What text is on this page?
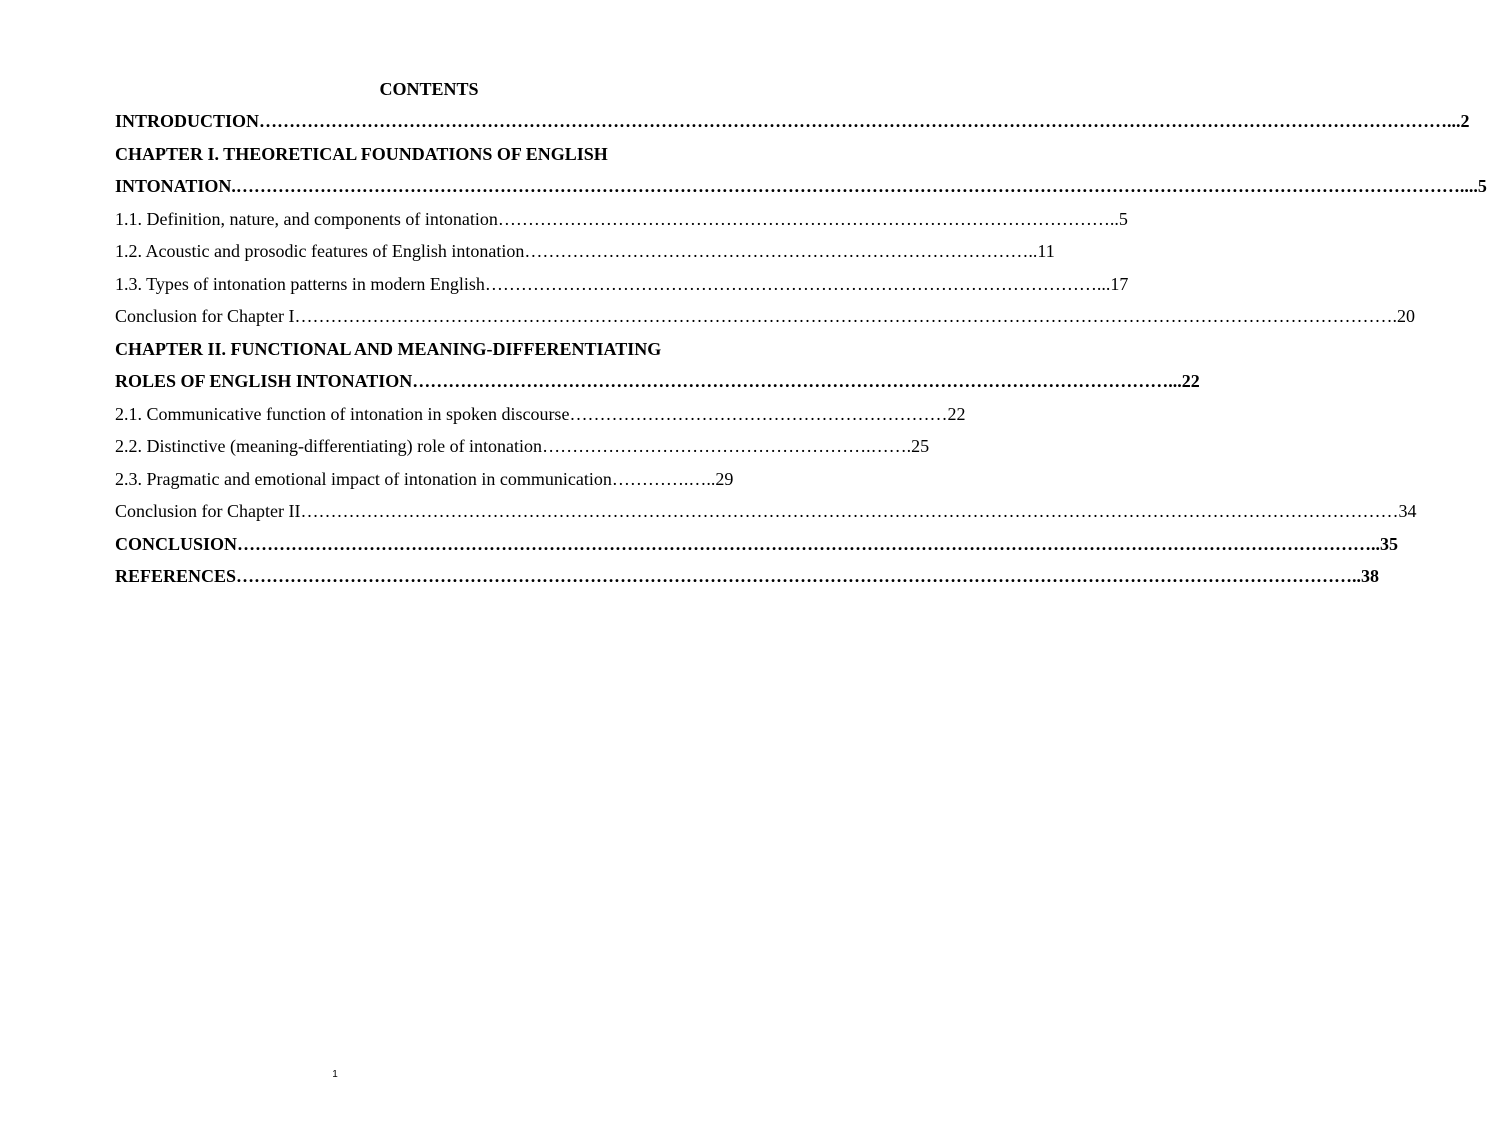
CONTENTS
INTRODUCTION………………………………………………………………………………………………………………………………………………………………………………...2
CHAPTER I. THEORETICAL FOUNDATIONS OF ENGLISH
INTONATION.……………………………………………………………………………………………………………………………………………………………………………………....5
1.1. Definition, nature, and components of intonation…………………………………………………………………………………………..5
1.2. Acoustic and prosodic features of English intonation…………………………………………………………………………..11
1.3. Types of intonation patterns in modern English…………………………………………………………………………………………...17
Conclusion for Chapter I………………………………………………………………………………………………………………………………………………………………….20
CHAPTER II. FUNCTIONAL AND MEANING-DIFFERENTIATING
ROLES OF ENGLISH INTONATION………………………………………………………………………………………………………………...22
2.1. Communicative function of intonation in spoken discourse………………………………………………………22
2.2. Distinctive (meaning-differentiating) role of intonation……………………………………………….…….25
2.3. Pragmatic and emotional impact of intonation in communication………….…..29
Conclusion for Chapter II…………………………………………………………………………………………………………………………………………………………………34
CONCLUSION………………………………………………………………………………………………………………………………………………………………………..35
REFERENCES……………………………………………………………………………………………………………………………………………………………………..38
1
